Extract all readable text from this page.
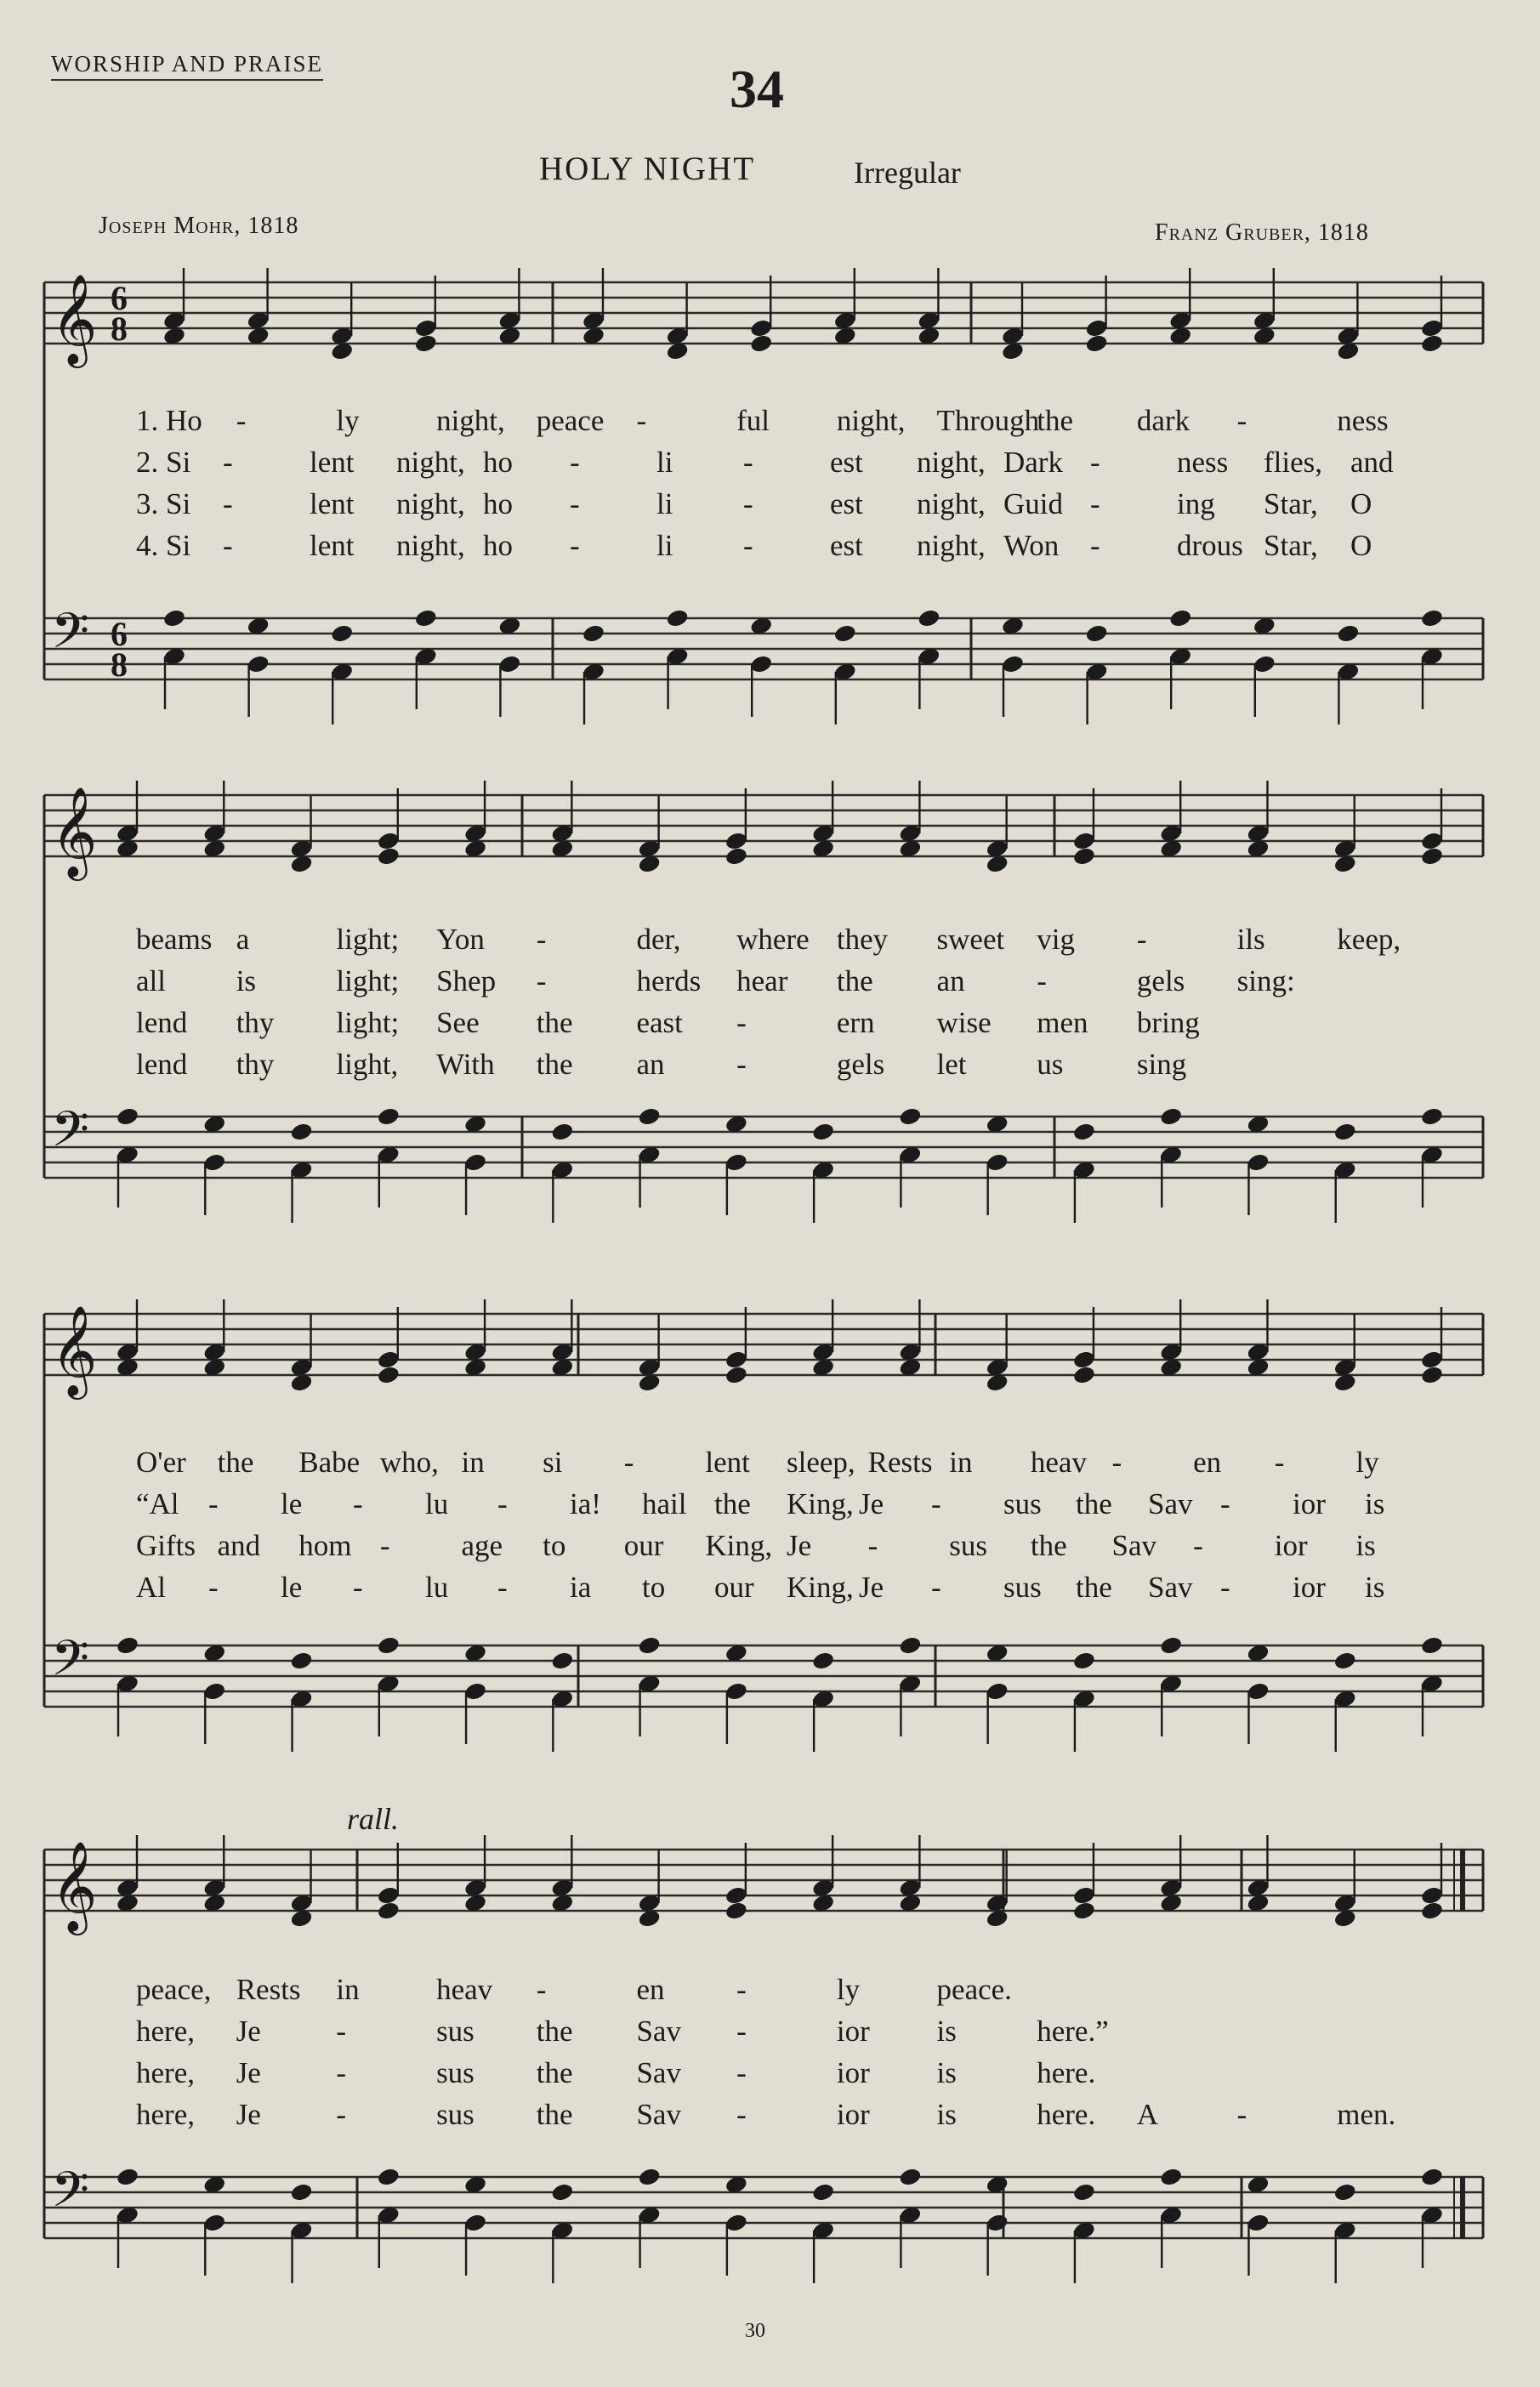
WORSHIP AND PRAISE	34
HOLY NIGHT	Irregular
Joseph Mohr, 1818	Franz Gruber, 1818
𝄞
𝄢
6
8
6
8
𝄞
𝄢
𝄞
𝄢
𝄞
𝄢
1. Ho -	ly	night, peace -	ful night, Through
the dark -	ness
2. Si -	lent night, ho -	li -	est night, Dark -	ness flies, and
3. Si -	lent night, ho -	li -	est night, Guid -	ing Star, O
4. Si -	lent night, ho -	li -	est night, Won -	drous Star, O
beams a	light; Yon -	der, where they sweet vig -	ils keep,
all is	light; Shep -	herds hear the an -	gels sing:
lend thy light; See the east -	ern wise men bring
lend thy light, With the an -	gels let us sing
O'er the Babe who, in si - lent sleep, Rests in heav - en - ly
“Al - le - lu - ia! hail the King, Je - sus the Sav - ior is
Gifts and hom - age to our King, Je - sus the Sav - ior is
Al - le - lu - ia to our King, Je - sus the Sav - ior is
peace, Rests in	heav -	en -	ly	peace.
here, Je	-	sus the Sav -	ior is	here.”
here, Je	-	sus the Sav -	ior is	here.
here, Je	-	sus the Sav -	ior is	here. A	-	men.
rall.
30
